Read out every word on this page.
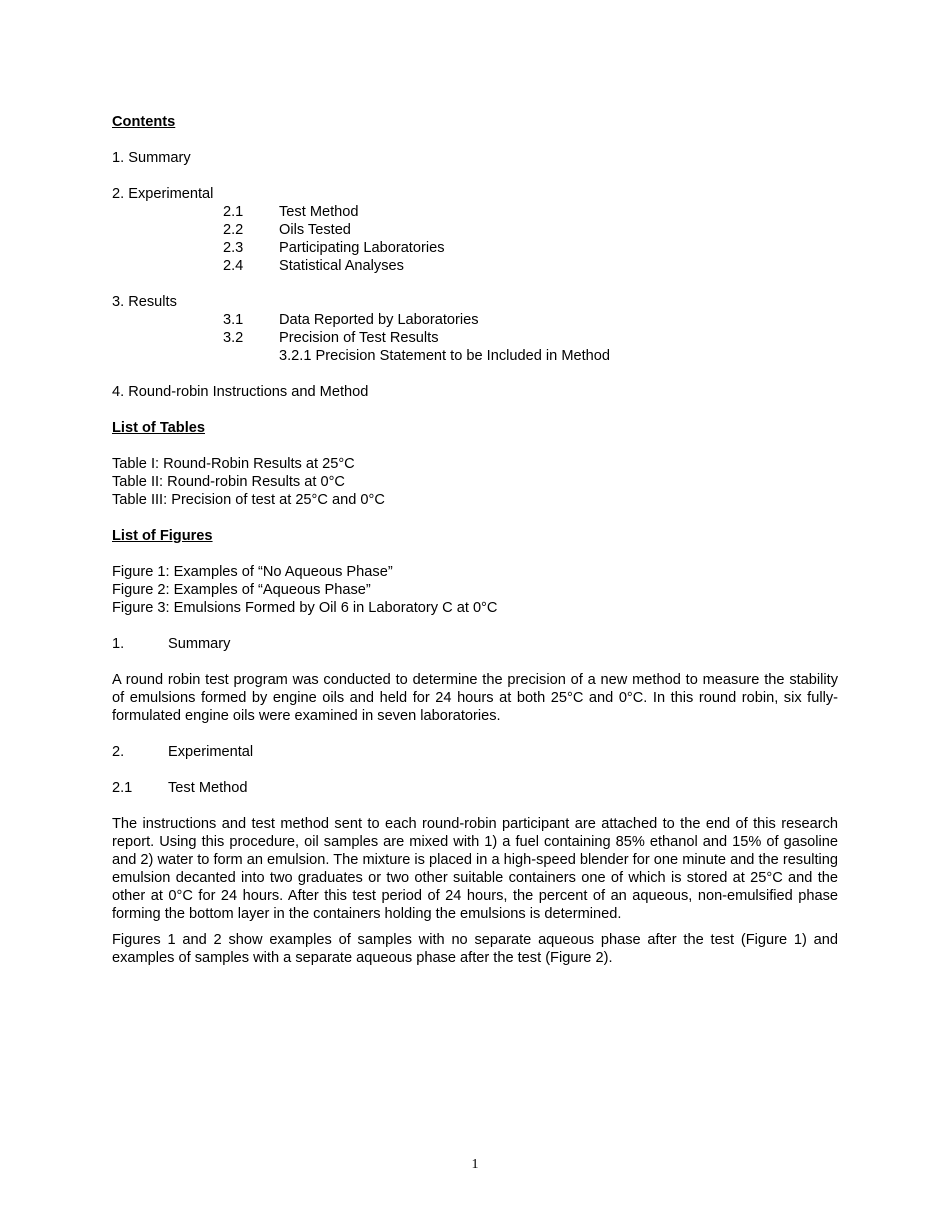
Contents

1. Summary
2. Experimental
2.1 Test Method
2.2 Oils Tested
2.3 Participating Laboratories
2.4 Statistical Analyses
3. Results
3.1 Data Reported by Laboratories
3.2 Precision of Test Results
3.2.1 Precision Statement to be Included in Method
4. Round-robin Instructions and Method

List of Tables

Table I: Round-Robin Results at 25°C
Table II: Round-robin Results at 0°C
Table III: Precision of test at 25°C and 0°C

List of Figures

Figure 1: Examples of “No Aqueous Phase”
Figure 2: Examples of “Aqueous Phase”
Figure 3: Emulsions Formed by Oil 6 in Laboratory C at 0°C
1.	Summary

A round robin test program was conducted to determine the precision of a new method to measure the stability of emulsions formed by engine oils and held for 24 hours at both 25°C and 0°C. In this round robin, six fully-formulated engine oils were examined in seven laboratories.

2.	Experimental
2.1 Test Method

The instructions and test method sent to each round-robin participant are attached to the end of this research report. Using this procedure, oil samples are mixed with 1) a fuel containing 85% ethanol and 15% of gasoline and 2) water to form an emulsion. The mixture is placed in a high-speed blender for one minute and the resulting emulsion decanted into two graduates or two other suitable containers one of which is stored at 25°C and the other at 0°C for 24 hours. After this test period of 24 hours, the percent of an aqueous, non-emulsified phase forming the bottom layer in the containers holding the emulsions is determined.

Figures 1 and 2 show examples of samples with no separate aqueous phase after the test (Figure 1) and examples of samples with a separate aqueous phase after the test (Figure 2).

1
